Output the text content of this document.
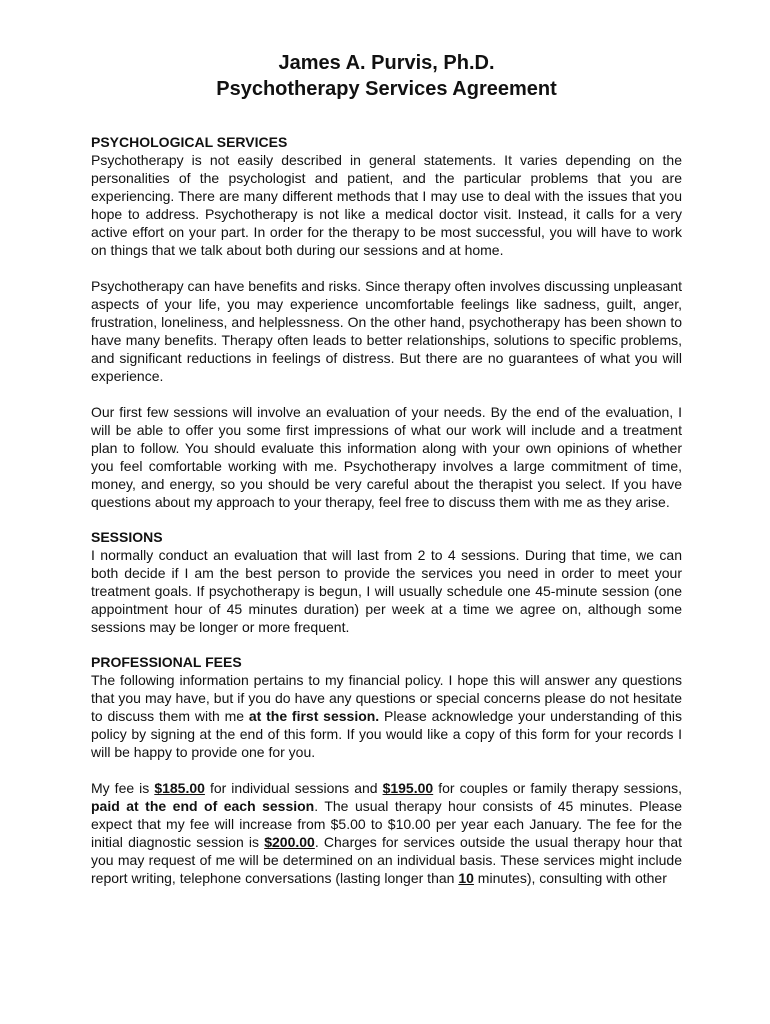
James A. Purvis, Ph.D.
Psychotherapy Services Agreement
PSYCHOLOGICAL SERVICES

Psychotherapy is not easily described in general statements. It varies depending on the personalities of the psychologist and patient, and the particular problems that you are experiencing. There are many different methods that I may use to deal with the issues that you hope to address. Psychotherapy is not like a medical doctor visit. Instead, it calls for a very active effort on your part. In order for the therapy to be most successful, you will have to work on things that we talk about both during our sessions and at home.

Psychotherapy can have benefits and risks. Since therapy often involves discussing unpleasant aspects of your life, you may experience uncomfortable feelings like sadness, guilt, anger, frustration, loneliness, and helplessness. On the other hand, psychotherapy has been shown to have many benefits. Therapy often leads to better relationships, solutions to specific problems, and significant reductions in feelings of distress. But there are no guarantees of what you will experience.

Our first few sessions will involve an evaluation of your needs. By the end of the evaluation, I will be able to offer you some first impressions of what our work will include and a treatment plan to follow. You should evaluate this information along with your own opinions of whether you feel comfortable working with me. Psychotherapy involves a large commitment of time, money, and energy, so you should be very careful about the therapist you select. If you have questions about my approach to your therapy, feel free to discuss them with me as they arise.

SESSIONS

I normally conduct an evaluation that will last from 2 to 4 sessions. During that time, we can both decide if I am the best person to provide the services you need in order to meet your treatment goals. If psychotherapy is begun, I will usually schedule one 45-minute session (one appointment hour of 45 minutes duration) per week at a time we agree on, although some sessions may be longer or more frequent.

PROFESSIONAL FEES

The following information pertains to my financial policy. I hope this will answer any questions that you may have, but if you do have any questions or special concerns please do not hesitate to discuss them with me at the first session. Please acknowledge your understanding of this policy by signing at the end of this form. If you would like a copy of this form for your records I will be happy to provide one for you.

My fee is $185.00 for individual sessions and $195.00 for couples or family therapy sessions, paid at the end of each session. The usual therapy hour consists of 45 minutes. Please expect that my fee will increase from $5.00 to $10.00 per year each January. The fee for the initial diagnostic session is $200.00. Charges for services outside the usual therapy hour that you may request of me will be determined on an individual basis. These services might include report writing, telephone conversations (lasting longer than 10 minutes), consulting with other
